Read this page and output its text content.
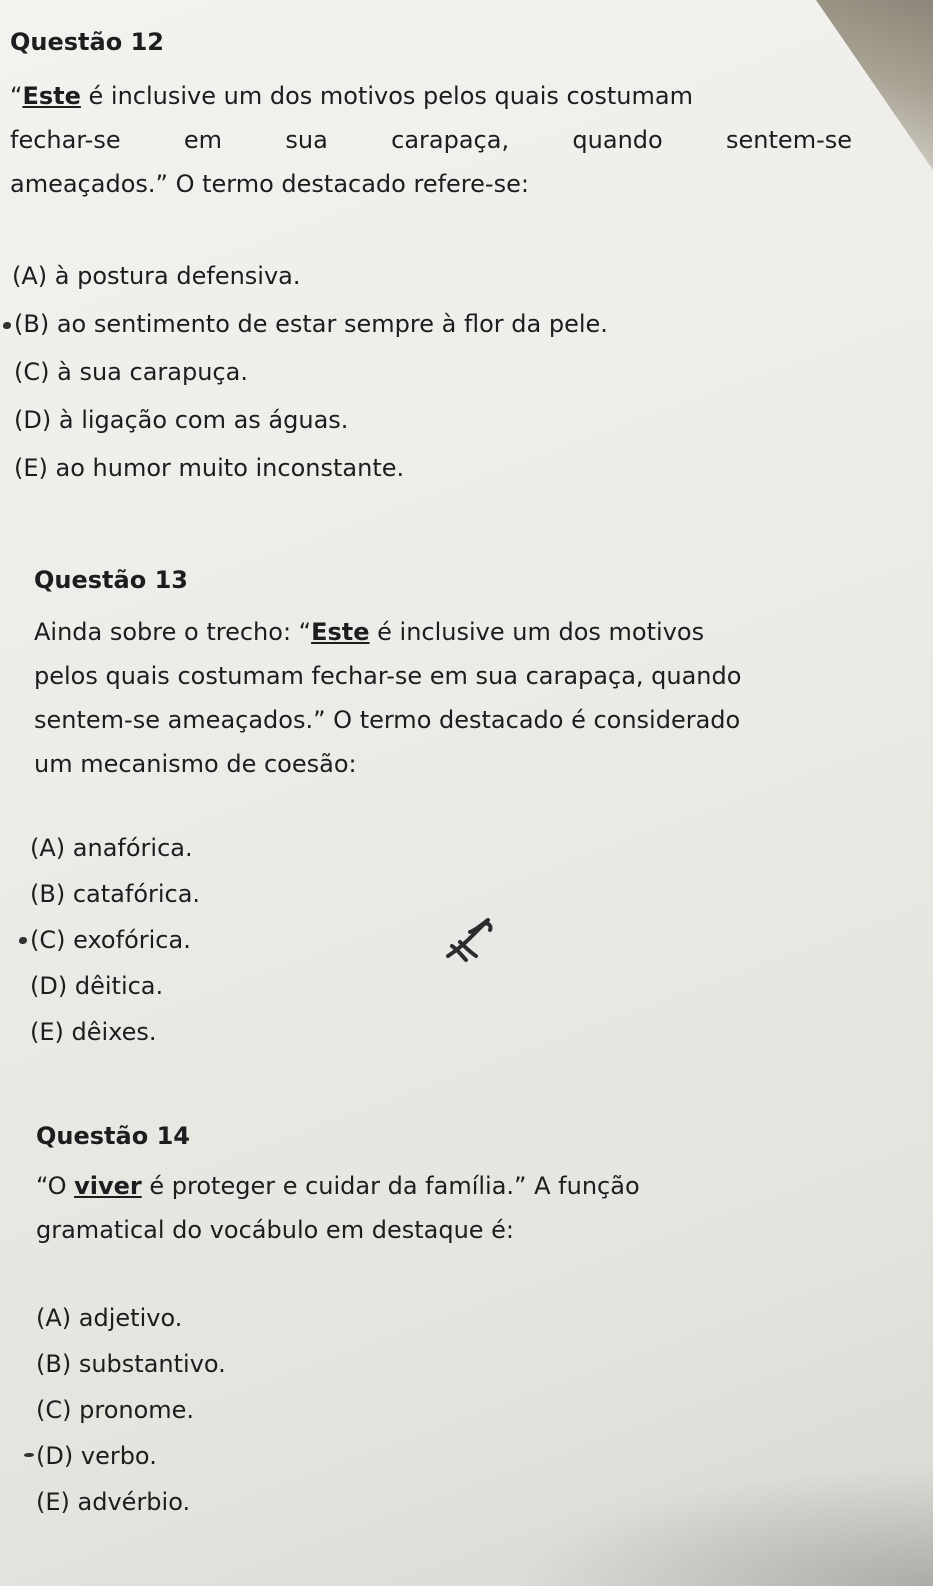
Questão 12
“Este é inclusive um dos motivos pelos quais costumam
fechar-se em sua carapaça, quando sentem-se
ameaçados.” O termo destacado refere-se:
(A) à postura defensiva.
(B) ao sentimento de estar sempre à flor da pele.
(C) à sua carapuça.
(D) à ligação com as águas.
(E) ao humor muito inconstante.
Questão 13
Ainda sobre o trecho: “Este é inclusive um dos motivos
pelos quais costumam fechar-se em sua carapaça, quando
sentem-se ameaçados.” O termo destacado é considerado
um mecanismo de coesão:
(A) anafórica.
(B) catafórica.
(C) exofórica.
(D) dêitica.
(E) dêixes.
Questão 14
“O viver é proteger e cuidar da família.” A função
gramatical do vocábulo em destaque é:
(A) adjetivo.
(B) substantivo.
(C) pronome.
(D) verbo.
(E) advérbio.
